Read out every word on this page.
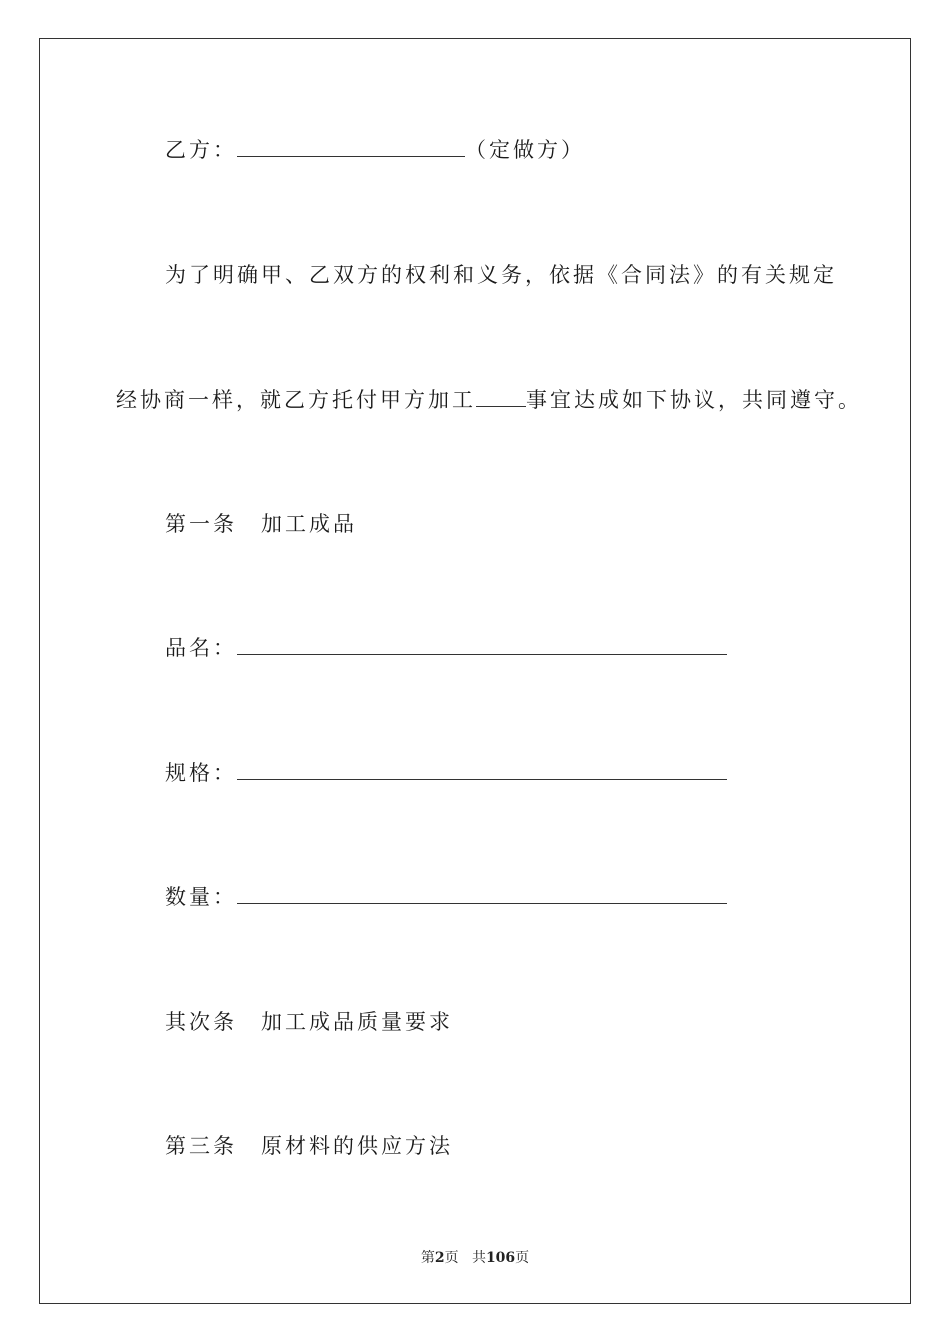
乙方：	（定做方）
为了明确甲、乙双方的权利和义务，依据《合同法》的有关规定
经协商一样，就乙方托付甲方加工 事宜达成如下协议，共同遵守。
第一条　加工成品
品名：
规格：
数量：
其次条　加工成品质量要求
第三条　原材料的供应方法
第2页 共106页
